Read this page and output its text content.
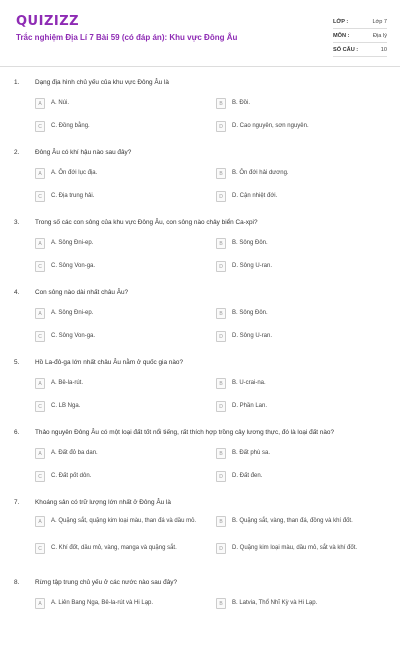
QUIZIZZ
Trắc nghiệm Địa Lí 7 Bài 59 (có đáp án): Khu vực Đông Âu
LỚP :	Lớp 7
MÔN :	Địa lý
SỐ CÂU :	10
1. Dạng địa hình chủ yếu của khu vực Đông Âu là
A	A. Núi.	B	B. Đồi.
C	C. Đồng bằng.	D	D. Cao nguyên, sơn nguyên.
2. Đông Âu có khí hậu nào sau đây?
A	A. Ôn đới lục địa.	B	B. Ôn đới hải dương.
C	C. Địa trung hải.	D	D. Cận nhiệt đới.
3. Trong số các con sông của khu vực Đông Âu, con sông nào chảy biển Ca-xpi?
A	A. Sông Đni-ep.	B	B. Sông Đôn.
C	C. Sông Von-ga.	D	D. Sông U-ran.
4. Con sông nào dài nhất châu Âu?
A	A. Sông Đni-ep.	B	B. Sông Đôn.
C	C. Sông Von-ga.	D	D. Sông U-ran.
5. Hồ La-đô-ga lớn nhất châu Âu nằm ở quốc gia nào?
A	A. Bê-la-rút.	B	B. U-crai-na.
C	C. LB Nga.	D	D. Phần Lan.
6. Thảo nguyên Đông Âu có một loại đất tốt nổi tiếng, rất thích hợp trồng cây lương thực, đó là loại đất nào?
A	A. Đất đỏ ba dan.	B	B. Đất phù sa.
C	C. Đất pốt dôn.	D	D. Đất đen.
7. Khoáng sản có trữ lượng lớn nhất ở Đông Âu là
A	A. Quặng sắt, quặng kim loại màu, than đá và dầu mỏ.	B	B. Quặng sắt, vàng, than đá, đồng và khí đốt.
C	C. Khí đốt, dầu mỏ, vàng, manga và quặng sắt.	D	D. Quặng kim loại màu, dầu mỏ, sắt và khí đốt.
8. Rừng tập trung chủ yếu ở các nước nào sau đây?
A	A. Liên Bang Nga, Bê-la-rút và Hi Lạp.	B	B. Latvia, Thổ Nhĩ Kỳ và Hi Lạp.
